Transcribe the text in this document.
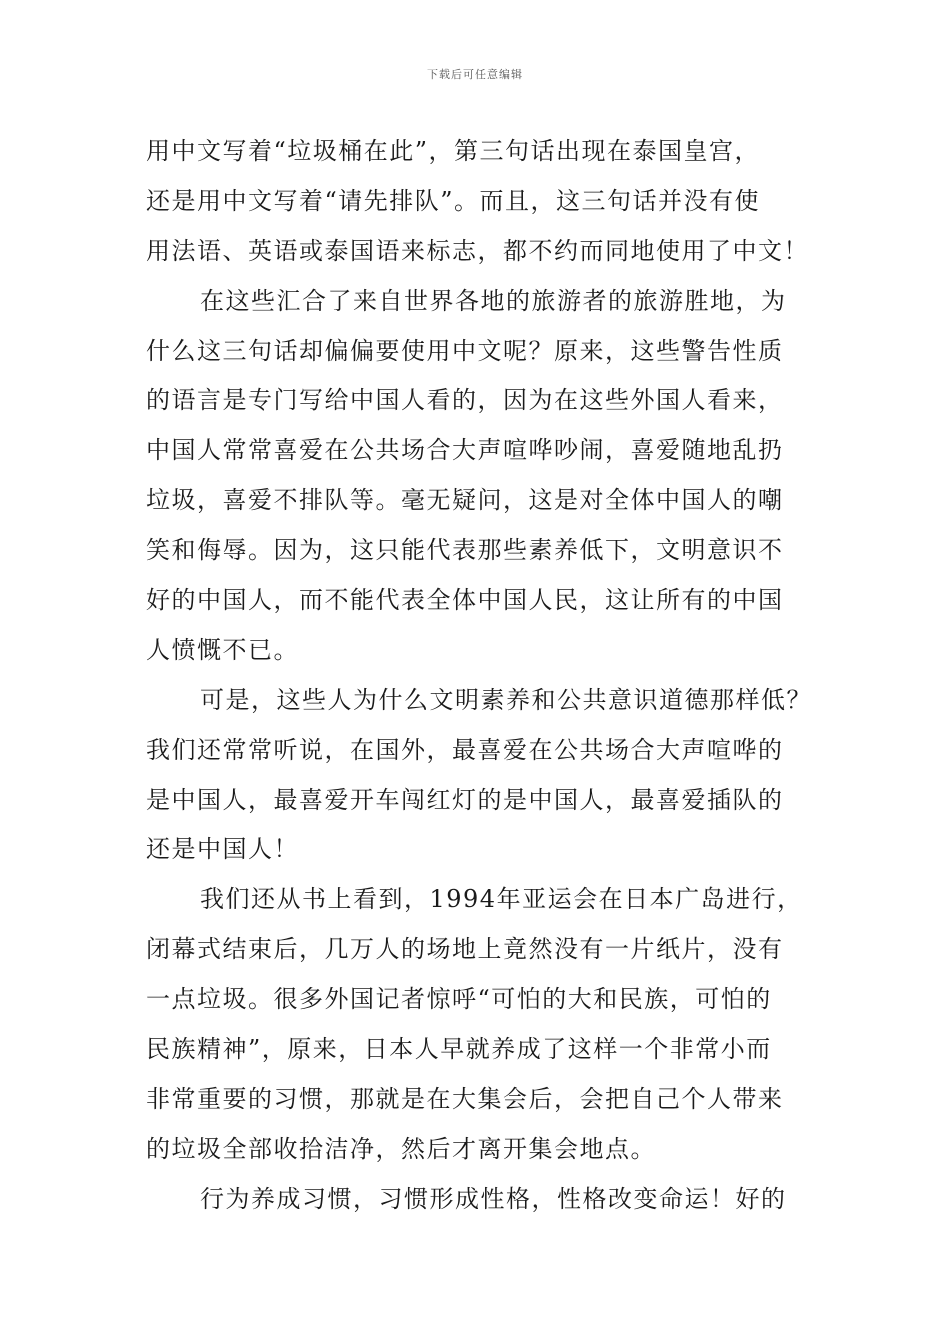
下载后可任意编辑
用中文写着“垃圾桶在此”，第三句话出现在泰国皇宫，
还是用中文写着“请先排队”。而且，这三句话并没有使
用法语、英语或泰国语来标志，都不约而同地使用了中文！
在这些汇合了来自世界各地的旅游者的旅游胜地，为
什么这三句话却偏偏要使用中文呢？原来，这些警告性质
的语言是专门写给中国人看的，因为在这些外国人看来，
中国人常常喜爱在公共场合大声喧哗吵闹，喜爱随地乱扔
垃圾，喜爱不排队等。毫无疑问，这是对全体中国人的嘲
笑和侮辱。因为，这只能代表那些素养低下，文明意识不
好的中国人，而不能代表全体中国人民，这让所有的中国
人愤慨不已。
可是，这些人为什么文明素养和公共意识道德那样低？
我们还常常听说，在国外，最喜爱在公共场合大声喧哗的
是中国人，最喜爱开车闯红灯的是中国人，最喜爱插队的
还是中国人！
我们还从书上看到，1994年亚运会在日本广岛进行，
闭幕式结束后，几万人的场地上竟然没有一片纸片，没有
一点垃圾。很多外国记者惊呼“可怕的大和民族，可怕的
民族精神”，原来，日本人早就养成了这样一个非常小而
非常重要的习惯，那就是在大集会后，会把自己个人带来
的垃圾全部收拾洁净，然后才离开集会地点。
行为养成习惯，习惯形成性格，性格改变命运！好的
